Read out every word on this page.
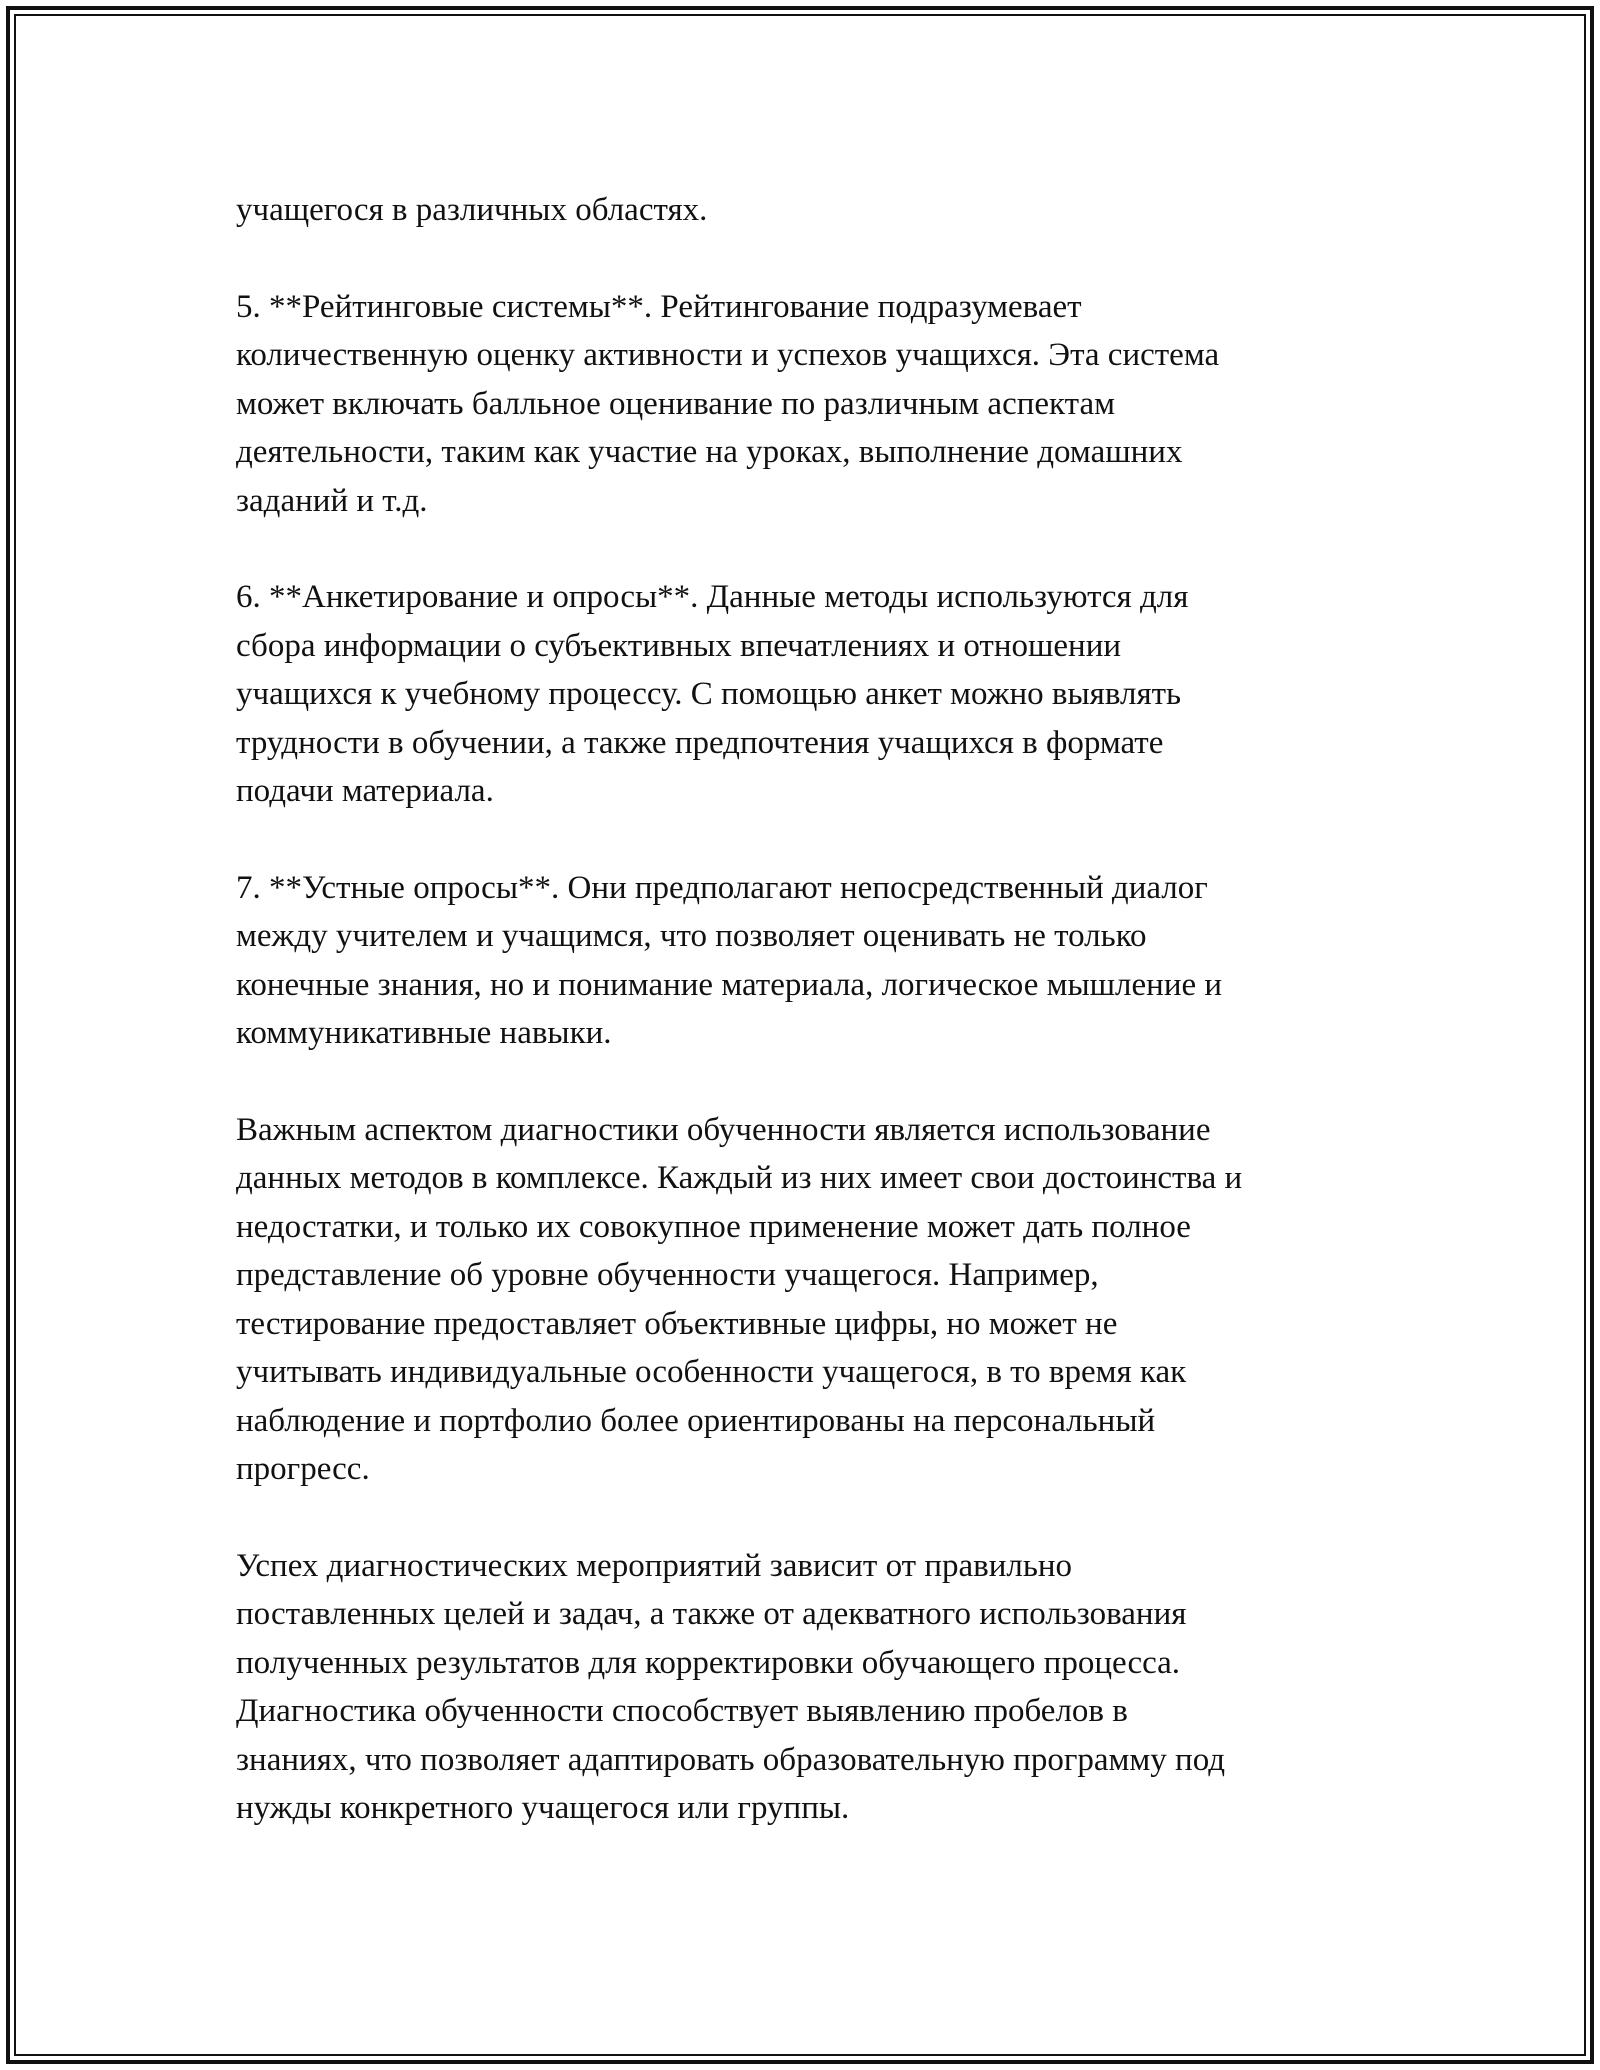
учащегося в различных областях.

5. **Рейтинговые системы**. Рейтингование подразумевает
количественную оценку активности и успехов учащихся. Эта система
может включать балльное оценивание по различным аспектам
деятельности, таким как участие на уроках, выполнение домашних
заданий и т.д.

6. **Анкетирование и опросы**. Данные методы используются для
сбора информации о субъективных впечатлениях и отношении
учащихся к учебному процессу. С помощью анкет можно выявлять
трудности в обучении, а также предпочтения учащихся в формате
подачи материала.

7. **Устные опросы**. Они предполагают непосредственный диалог
между учителем и учащимся, что позволяет оценивать не только
конечные знания, но и понимание материала, логическое мышление и
коммуникативные навыки.

Важным аспектом диагностики обученности является использование
данных методов в комплексе. Каждый из них имеет свои достоинства и
недостатки, и только их совокупное применение может дать полное
представление об уровне обученности учащегося. Например,
тестирование предоставляет объективные цифры, но может не
учитывать индивидуальные особенности учащегося, в то время как
наблюдение и портфолио более ориентированы на персональный
прогресс.

Успех диагностических мероприятий зависит от правильно
поставленных целей и задач, а также от адекватного использования
полученных результатов для корректировки обучающего процесса.
Диагностика обученности способствует выявлению пробелов в
знаниях, что позволяет адаптировать образовательную программу под
нужды конкретного учащегося или группы.
